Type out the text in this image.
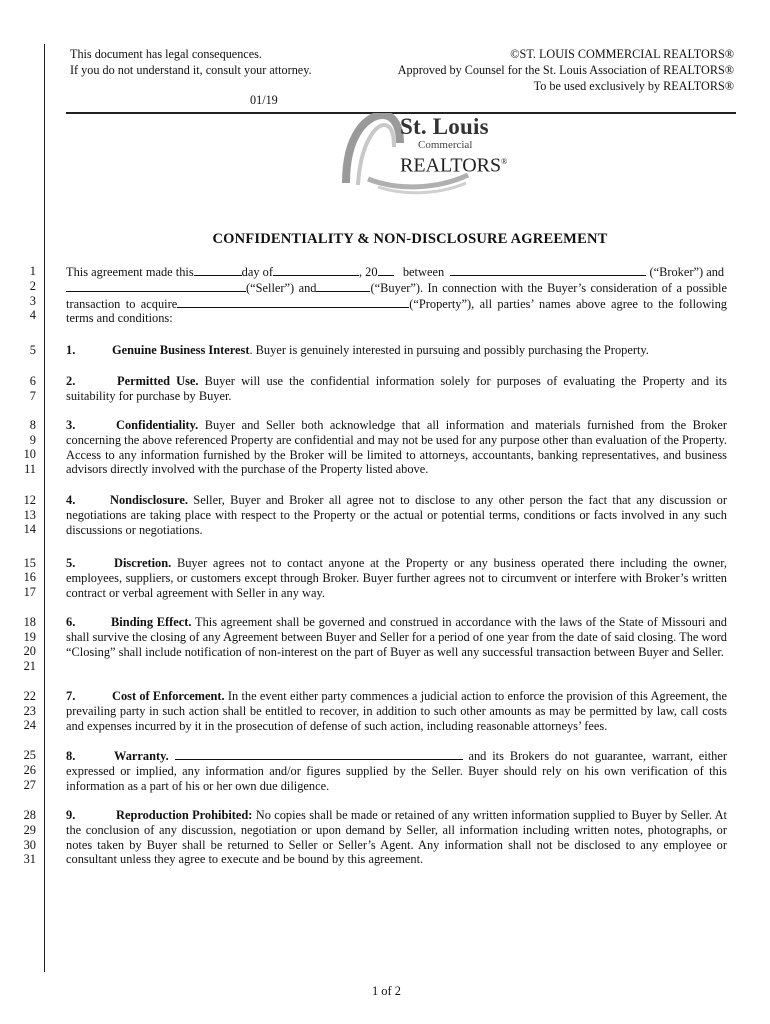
This document has legal consequences.
If you do not understand it, consult your attorney.
©ST. LOUIS COMMERCIAL REALTORS®
Approved by Counsel for the St. Louis Association of REALTORS®
To be used exclusively by REALTORS®
01/19
St. Louis
Commercial
REALTORS®
CONFIDENTIALITY & NON-DISCLOSURE AGREEMENT
1
2
3
4
5
6
7
8
9
10
11
12
13
14
15
16
17
18
19
20
21
22
23
24
25
26
27
28
29
30
31
This agreement made this	day of	, 20 between	(“Broker”) and
(“Seller”) and	(“Buyer”). In connection with the Buyer’s consideration of a possible transaction to acquire	(“Property”), all parties’ names above agree to the following terms and conditions:
1.	Genuine Business Interest. Buyer is genuinely interested in pursuing and possibly purchasing the Property.
2.	Permitted Use. Buyer will use the confidential information solely for purposes of evaluating the Property and its suitability for purchase by Buyer.
3.	Confidentiality. Buyer and Seller both acknowledge that all information and materials furnished from the Broker concerning the above referenced Property are confidential and may not be used for any purpose other than evaluation of the Property. Access to any information furnished by the Broker will be limited to attorneys, accountants, banking representatives, and business advisors directly involved with the purchase of the Property listed above.
4.	Nondisclosure. Seller, Buyer and Broker all agree not to disclose to any other person the fact that any discussion or negotiations are taking place with respect to the Property or the actual or potential terms, conditions or facts involved in any such discussions or negotiations.
5.	Discretion. Buyer agrees not to contact anyone at the Property or any business operated there including the owner, employees, suppliers, or customers except through Broker. Buyer further agrees not to circumvent or interfere with Broker’s written contract or verbal agreement with Seller in any way.
6.	Binding Effect. This agreement shall be governed and construed in accordance with the laws of the State of Missouri and shall survive the closing of any Agreement between Buyer and Seller for a period of one year from the date of said closing. The word “Closing” shall include notification of non-interest on the part of Buyer as well any successful transaction between Buyer and Seller.
7.	Cost of Enforcement. In the event either party commences a judicial action to enforce the provision of this Agreement, the prevailing party in such action shall be entitled to recover, in addition to such other amounts as may be permitted by law, call costs and expenses incurred by it in the prosecution of defense of such action, including reasonable attorneys’ fees.
8.	Warranty.	and its Brokers do not guarantee, warrant, either expressed or implied, any information and/or figures supplied by the Seller. Buyer should rely on his own verification of this information as a part of his or her own due diligence.
9.	Reproduction Prohibited: No copies shall be made or retained of any written information supplied to Buyer by Seller. At the conclusion of any discussion, negotiation or upon demand by Seller, all information including written notes, photographs, or notes taken by Buyer shall be returned to Seller or Seller’s Agent. Any information shall not be disclosed to any employee or consultant unless they agree to execute and be bound by this agreement.
1 of 2
